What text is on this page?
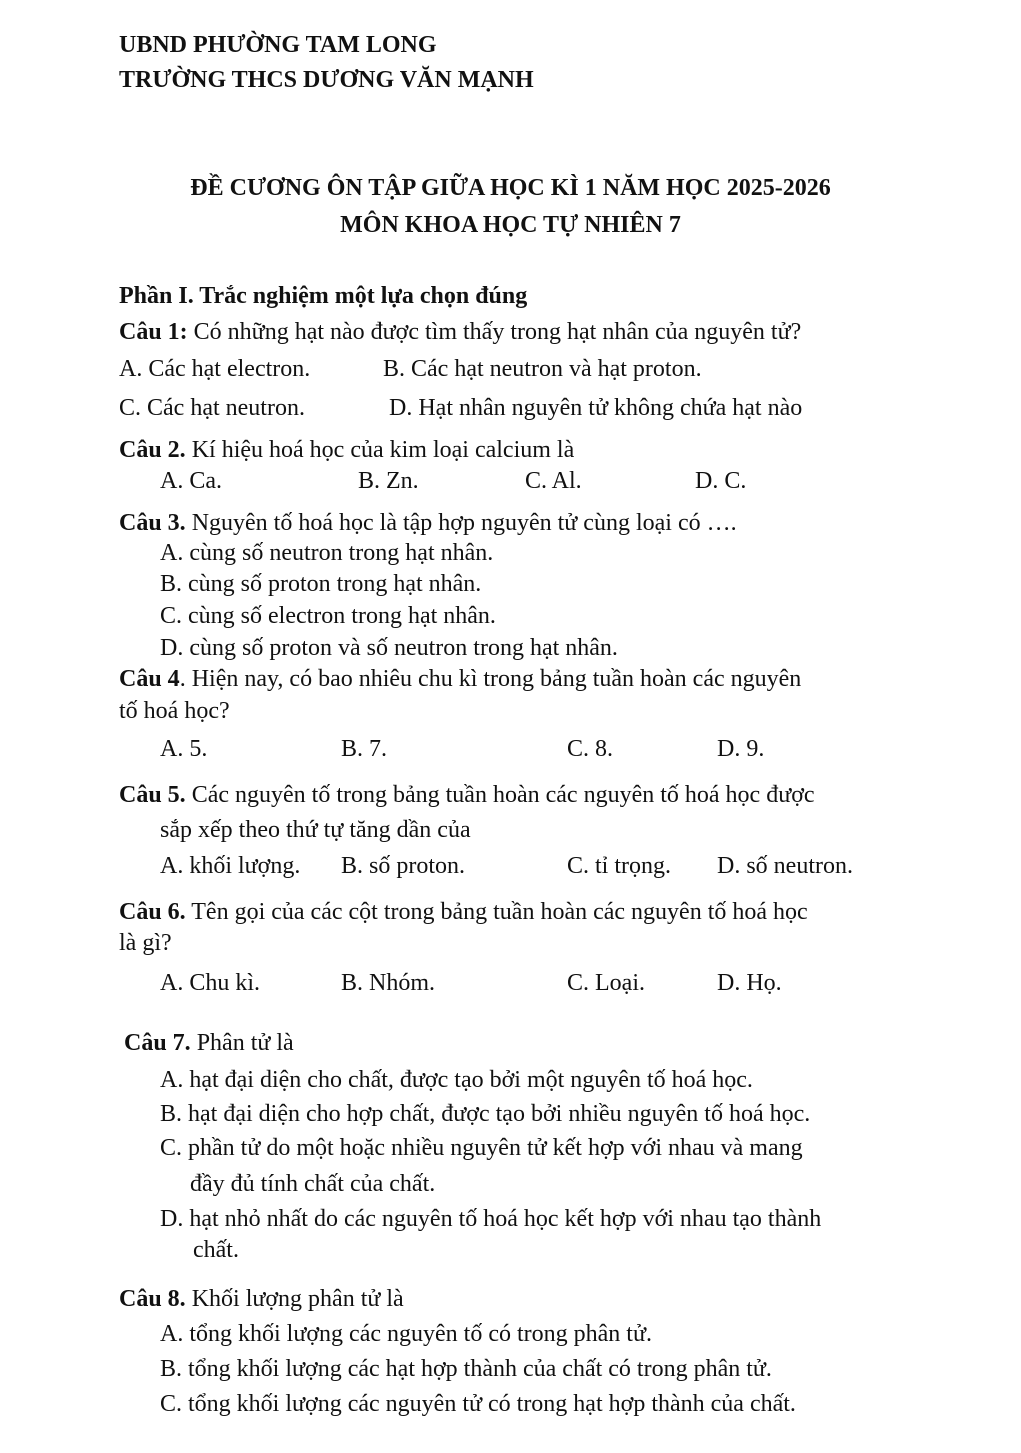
UBND PHƯỜNG TAM LONG
TRƯỜNG THCS DƯƠNG VĂN MẠNH
ĐỀ CƯƠNG ÔN TẬP GIỮA HỌC KÌ 1 NĂM HỌC 2025-2026
MÔN KHOA HỌC TỰ NHIÊN 7
Phần I. Trắc nghiệm một lựa chọn đúng
Câu 1: Có những hạt nào được tìm thấy trong hạt nhân của nguyên tử?
A. Các hạt electron.	B. Các hạt neutron và hạt proton.
C. Các hạt neutron.	D. Hạt nhân nguyên tử không chứa hạt nào
Câu 2. Kí hiệu hoá học của kim loại calcium là
A. Ca.	B. Zn.	C. Al.	D. C.
Câu 3. Nguyên tố hoá học là tập hợp nguyên tử cùng loại có ….
A. cùng số neutron trong hạt nhân.
B. cùng số proton trong hạt nhân.
C. cùng số electron trong hạt nhân.
D. cùng số proton và số neutron trong hạt nhân.
Câu 4. Hiện nay, có bao nhiêu chu kì trong bảng tuần hoàn các nguyên
tố hoá học?
A. 5.	B. 7.	C. 8.	D. 9.
Câu 5. Các nguyên tố trong bảng tuần hoàn các nguyên tố hoá học được
sắp xếp theo thứ tự tăng dần của
A. khối lượng. B. số proton.	C. tỉ trọng. D. số neutron.
Câu 6. Tên gọi của các cột trong bảng tuần hoàn các nguyên tố hoá học
là gì?
A. Chu kì.	B. Nhóm.	C. Loại.	D. Họ.
Câu 7. Phân tử là
A. hạt đại diện cho chất, được tạo bởi một nguyên tố hoá học.
B. hạt đại diện cho hợp chất, được tạo bởi nhiều nguyên tố hoá học.
C. phần tử do một hoặc nhiều nguyên tử kết hợp với nhau và mang
đầy đủ tính chất của chất.
D. hạt nhỏ nhất do các nguyên tố hoá học kết hợp với nhau tạo thành
chất.
Câu 8. Khối lượng phân tử là
A. tổng khối lượng các nguyên tố có trong phân tử.
B. tổng khối lượng các hạt hợp thành của chất có trong phân tử.
C. tổng khối lượng các nguyên tử có trong hạt hợp thành của chất.
